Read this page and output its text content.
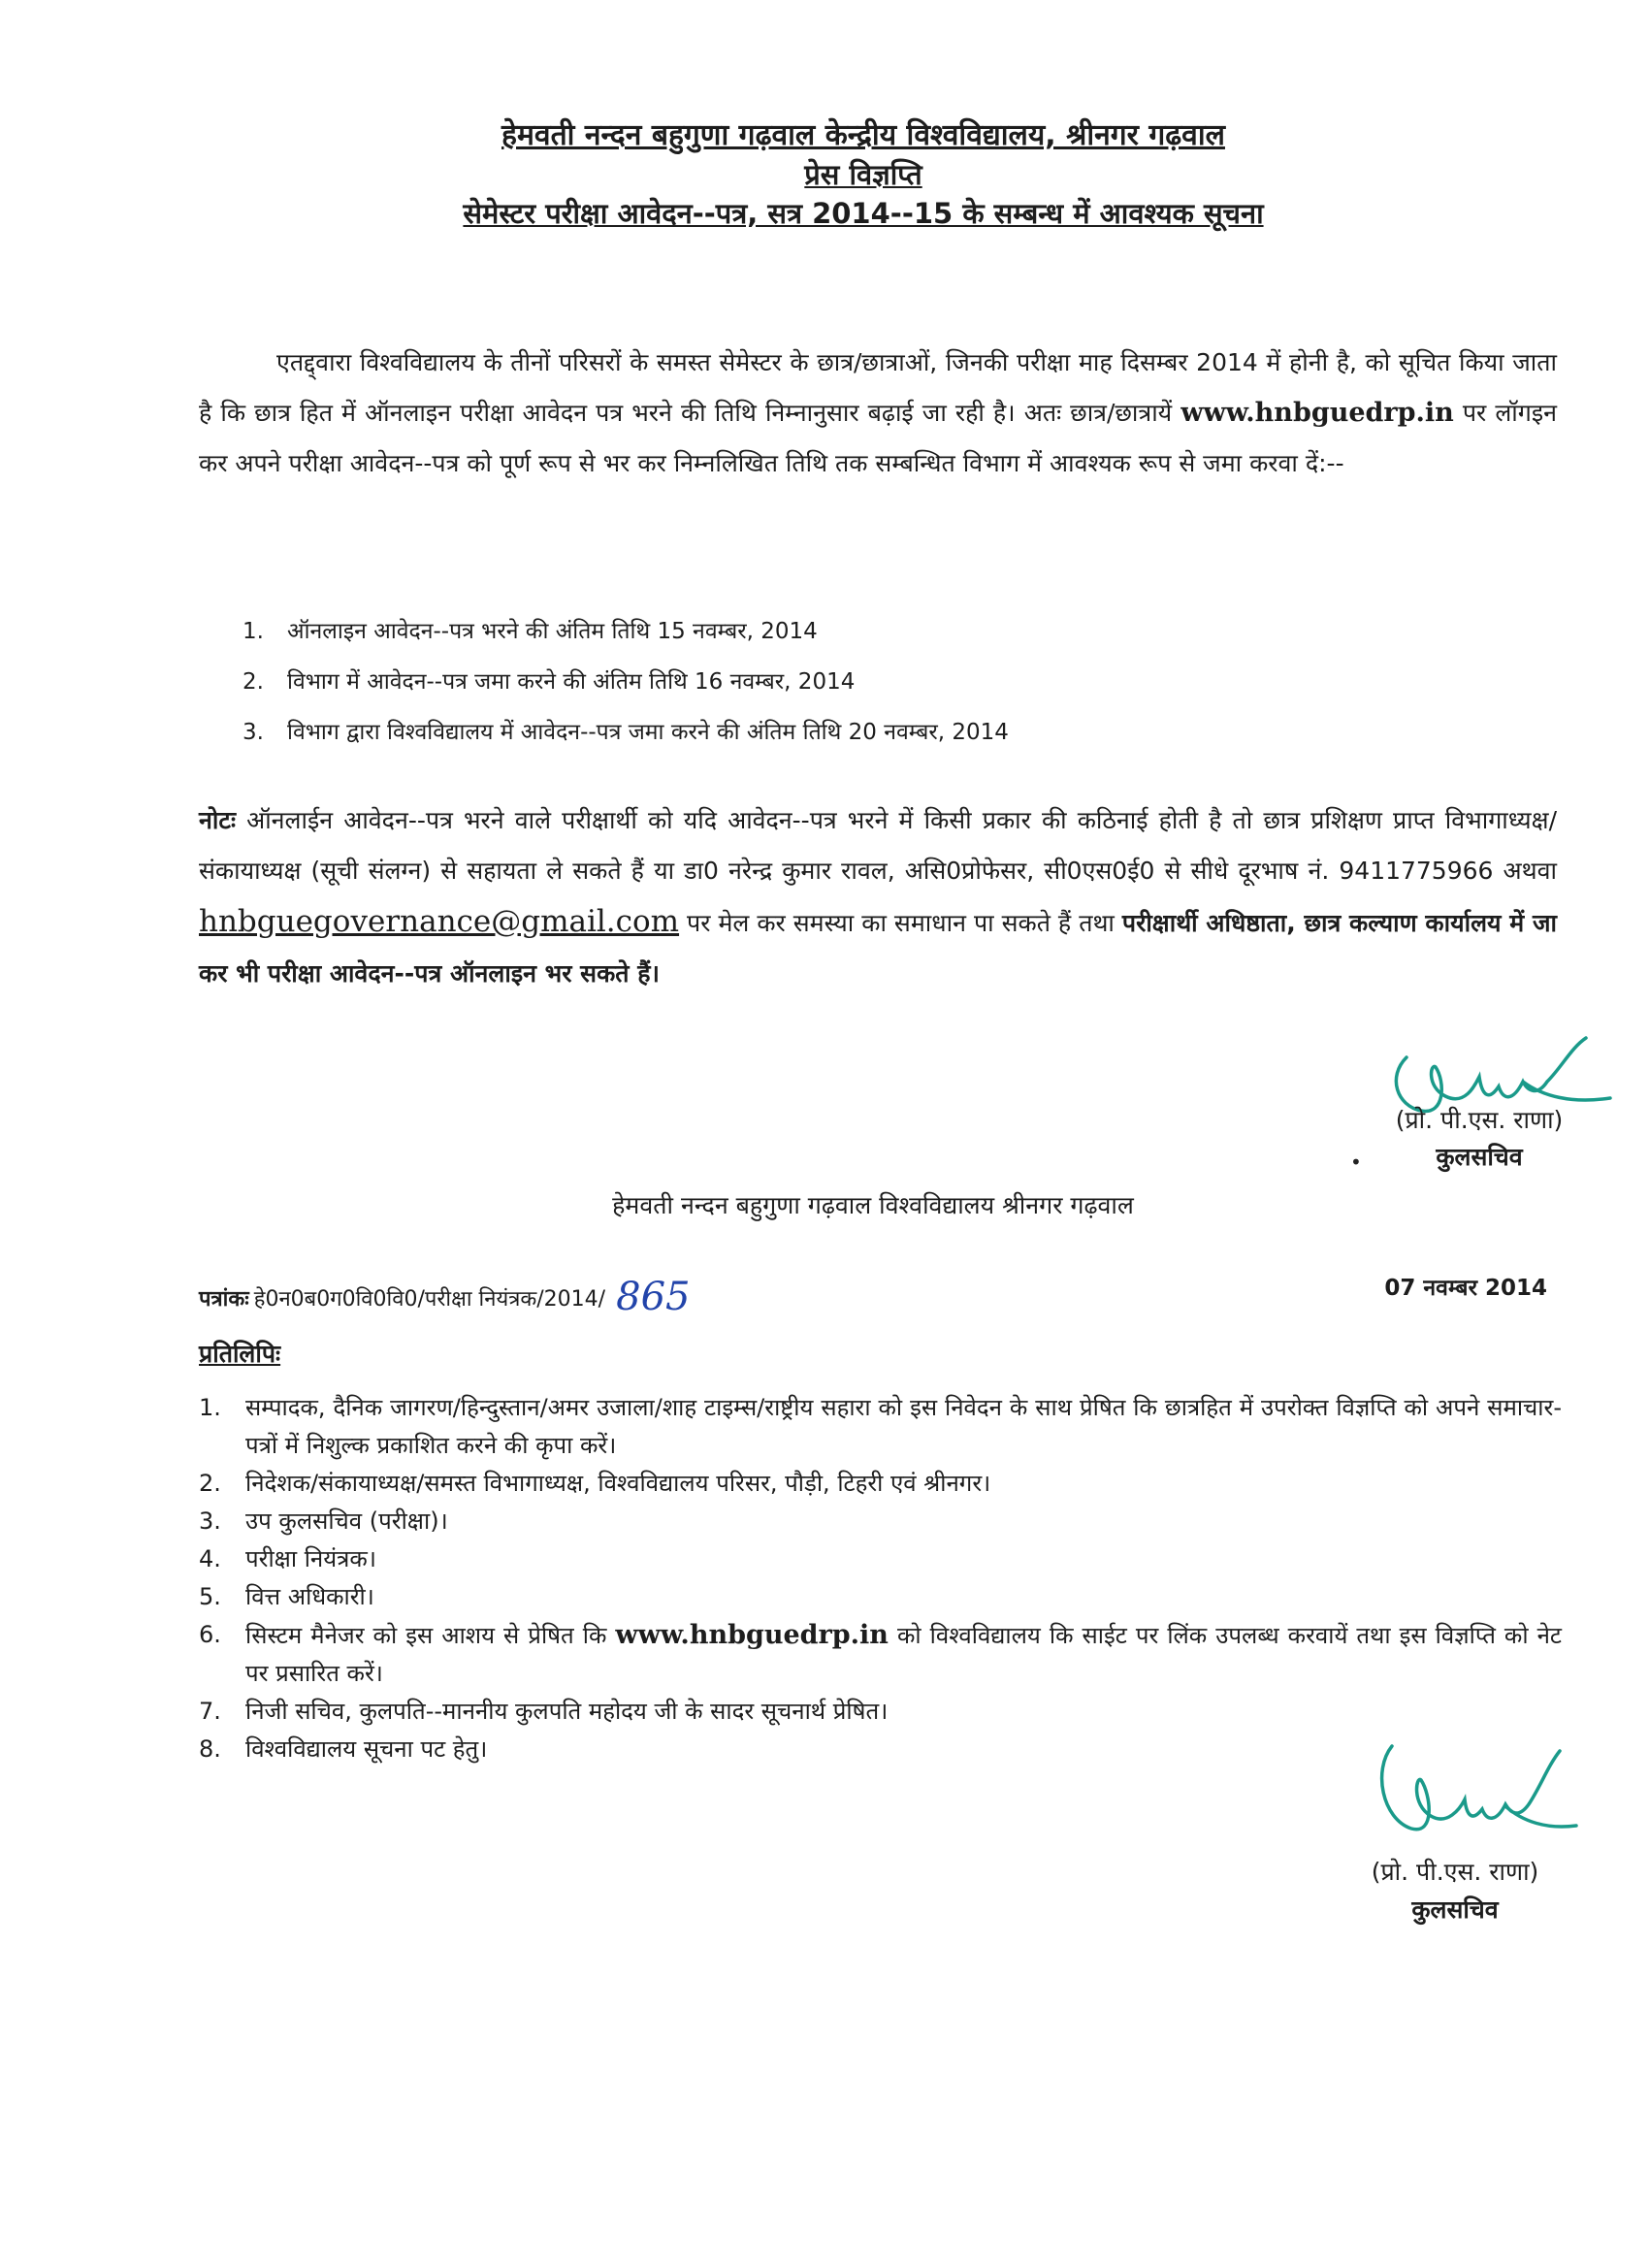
हेमवती नन्दन बहुगुणा गढ़वाल केन्द्रीय विश्वविद्यालय, श्रीनगर गढ़वाल

प्रेस विज्ञप्ति

सेमेस्टर परीक्षा आवेदन--पत्र, सत्र 2014--15 के सम्बन्ध में आवश्यक सूचना

एतद्द्वारा विश्वविद्यालय के तीनों परिसरों के समस्त सेमेस्टर के छात्र/छात्राओं, जिनकी परीक्षा माह दिसम्बर 2014 में होनी है, को सूचित किया जाता है कि छात्र हित में ऑनलाइन परीक्षा आवेदन पत्र भरने की तिथि निम्नानुसार बढ़ाई जा रही है। अतः छात्र/छात्रायें www.hnbguedrp.in पर लॉगइन कर अपने परीक्षा आवेदन--पत्र को पूर्ण रूप से भर कर निम्नलिखित तिथि तक सम्बन्धित विभाग में आवश्यक रूप से जमा करवा दें:--

1. ऑनलाइन आवेदन--पत्र भरने की अंतिम तिथि 15 नवम्बर, 2014
2. विभाग में आवेदन--पत्र जमा करने की अंतिम तिथि 16 नवम्बर, 2014
3. विभाग द्वारा विश्वविद्यालय में आवेदन--पत्र जमा करने की अंतिम तिथि 20 नवम्बर, 2014

नोटः ऑनलाईन आवेदन--पत्र भरने वाले परीक्षार्थी को यदि आवेदन--पत्र भरने में किसी प्रकार की कठिनाई होती है तो छात्र प्रशिक्षण प्राप्त विभागाध्यक्ष/संकायाध्यक्ष (सूची संलग्न) से सहायता ले सकते हैं या डा0 नरेन्द्र कुमार रावल, असि0प्रोफेसर, सी0एस0ई0 से सीधे दूरभाष नं. 9411775966 अथवा hnbguegovernance@gmail.com पर मेल कर समस्या का समाधान पा सकते हैं तथा परीक्षार्थी अधिष्ठाता, छात्र कल्याण कार्यालय में जा कर भी परीक्षा आवेदन--पत्र ऑनलाइन भर सकते हैं।

(प्रो. पी.एस. राणा)
कुलसचिव
•
हेमवती नन्दन बहुगुणा गढ़वाल विश्वविद्यालय श्रीनगर गढ़वाल
पत्रांकः हे0न0ब0ग0वि0वि0/परीक्षा नियंत्रक/2014/ 865	07 नवम्बर 2014
प्रतिलिपिः
1.	सम्पादक, दैनिक जागरण/हिन्दुस्तान/अमर उजाला/शाह टाइम्स/राष्ट्रीय सहारा को इस निवेदन के साथ प्रेषित कि छात्रहित में उपरोक्त विज्ञप्ति को अपने समाचार-पत्रों में निशुल्क प्रकाशित करने की कृपा करें।
2.	निदेशक/संकायाध्यक्ष/समस्त विभागाध्यक्ष, विश्वविद्यालय परिसर, पौड़ी, टिहरी एवं श्रीनगर।
3.	उप कुलसचिव (परीक्षा)।
4.	परीक्षा नियंत्रक।
5.	वित्त अधिकारी।
6.	सिस्टम मैनेजर को इस आशय से प्रेषित कि www.hnbguedrp.in को विश्वविद्यालय कि साईट पर लिंक उपलब्ध करवायें तथा इस विज्ञप्ति को नेट पर प्रसारित करें।
7.	निजी सचिव, कुलपति--माननीय कुलपति महोदय जी के सादर सूचनार्थ प्रेषित।
8.	विश्वविद्यालय सूचना पट हेतु।
(प्रो. पी.एस. राणा)
कुलसचिव
